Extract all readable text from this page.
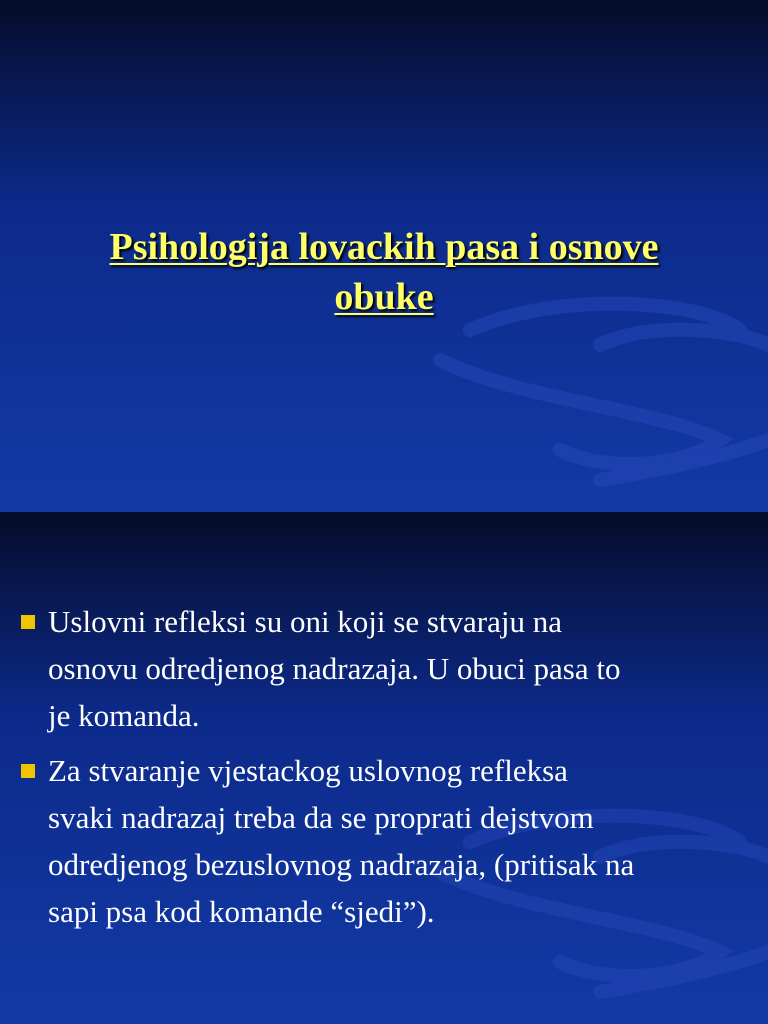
Psihologija lovackih pasa i osnove
obuke
Uslovni refleksi su oni koji se stvaraju na
osnovu odredjenog nadrazaja. U obuci pasa to
je komanda.
Za stvaranje vjestackog uslovnog refleksa
svaki nadrazaj treba da se proprati dejstvom
odredjenog bezuslovnog nadrazaja, (pritisak na
sapi psa kod komande “sjedi”).
